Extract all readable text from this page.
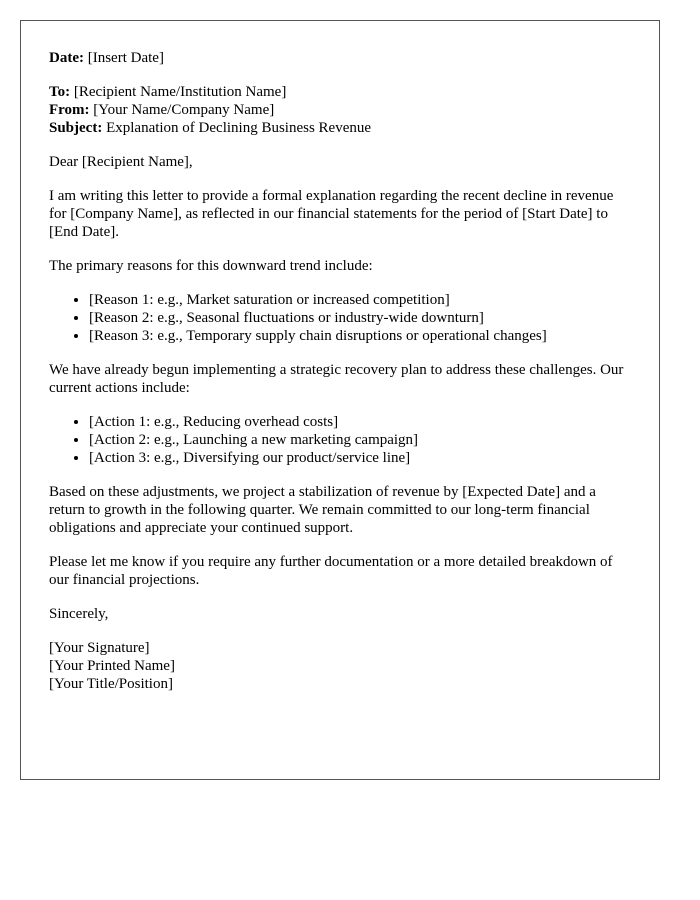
Date: [Insert Date]

To: [Recipient Name/Institution Name]

From: [Your Name/Company Name]

Subject: Explanation of Declining Business Revenue

Dear [Recipient Name],

I am writing this letter to provide a formal explanation regarding the recent decline in revenue for [Company Name], as reflected in our financial statements for the period of [Start Date] to [End Date].

The primary reasons for this downward trend include:

• [Reason 1: e.g., Market saturation or increased competition]
• [Reason 2: e.g., Seasonal fluctuations or industry-wide downturn]
• [Reason 3: e.g., Temporary supply chain disruptions or operational changes]

We have already begun implementing a strategic recovery plan to address these challenges. Our current actions include:

• [Action 1: e.g., Reducing overhead costs]
• [Action 2: e.g., Launching a new marketing campaign]
• [Action 3: e.g., Diversifying our product/service line]

Based on these adjustments, we project a stabilization of revenue by [Expected Date] and a return to growth in the following quarter. We remain committed to our long-term financial obligations and appreciate your continued support.

Please let me know if you require any further documentation or a more detailed breakdown of our financial projections.

Sincerely,

[Your Signature]

[Your Printed Name]

[Your Title/Position]
